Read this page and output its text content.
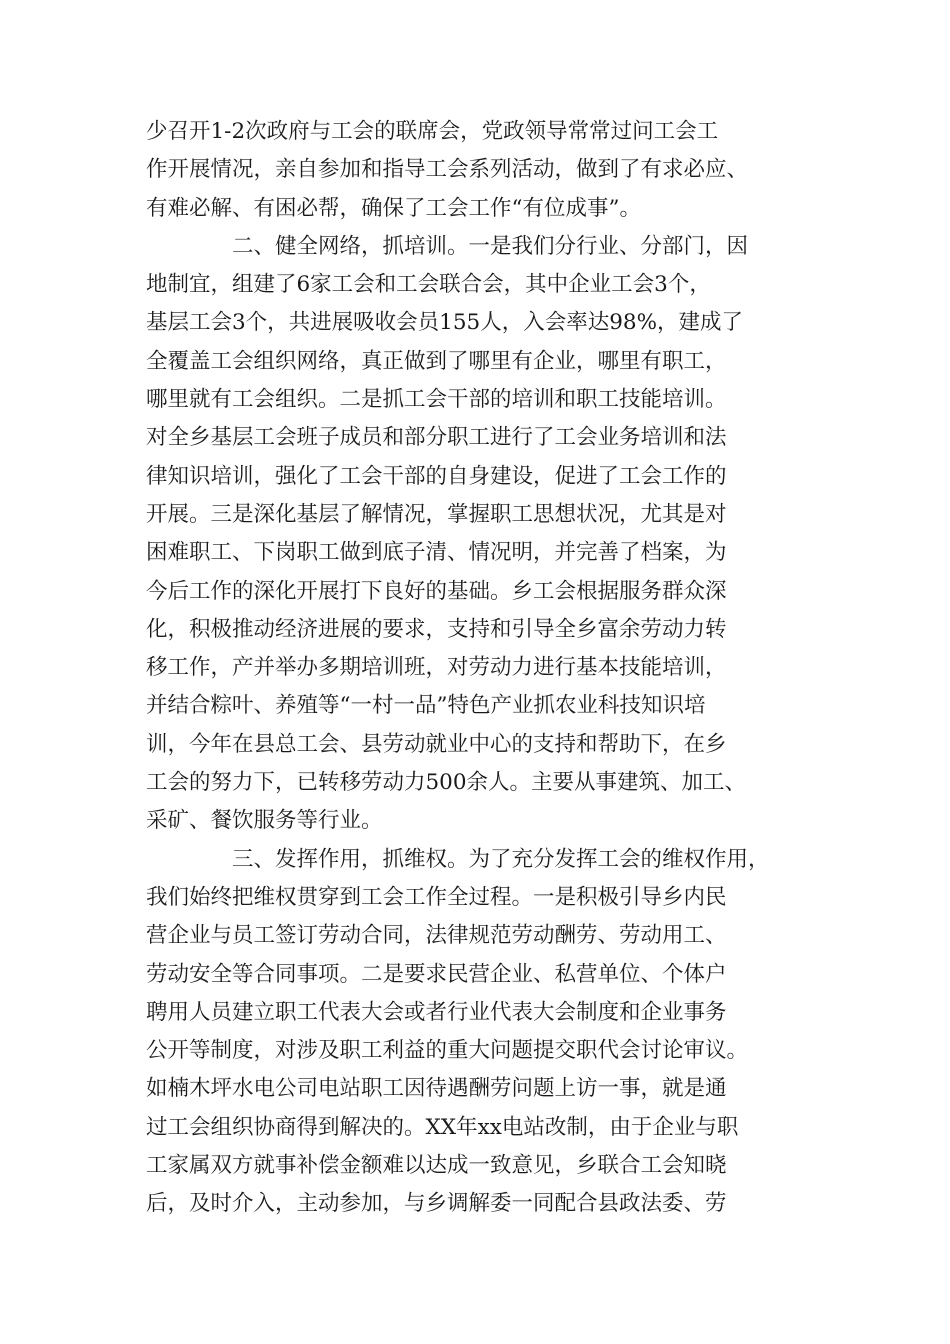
少召开1-2次政府与工会的联席会，党政领导常常过问工会工
作开展情况，亲自参加和指导工会系列活动，做到了有求必应、
有难必解、有困必帮，确保了工会工作“有位成事”。
二、健全网络，抓培训。一是我们分行业、分部门，因
地制宜，组建了6家工会和工会联合会，其中企业工会3个，
基层工会3个，共进展吸收会员155人，入会率达98%，建成了
全覆盖工会组织网络，真正做到了哪里有企业，哪里有职工，
哪里就有工会组织。二是抓工会干部的培训和职工技能培训。
对全乡基层工会班子成员和部分职工进行了工会业务培训和法
律知识培训，强化了工会干部的自身建设，促进了工会工作的
开展。三是深化基层了解情况，掌握职工思想状况，尤其是对
困难职工、下岗职工做到底子清、情况明，并完善了档案，为
今后工作的深化开展打下良好的基础。乡工会根据服务群众深
化，积极推动经济进展的要求，支持和引导全乡富余劳动力转
移工作，产并举办多期培训班，对劳动力进行基本技能培训，
并结合粽叶、养殖等“一村一品”特色产业抓农业科技知识培
训，今年在县总工会、县劳动就业中心的支持和帮助下，在乡
工会的努力下，已转移劳动力500余人。主要从事建筑、加工、
采矿、餐饮服务等行业。
三、发挥作用，抓维权。为了充分发挥工会的维权作用，
我们始终把维权贯穿到工会工作全过程。一是积极引导乡内民
营企业与员工签订劳动合同，法律规范劳动酬劳、劳动用工、
劳动安全等合同事项。二是要求民营企业、私营单位、个体户
聘用人员建立职工代表大会或者行业代表大会制度和企业事务
公开等制度，对涉及职工利益的重大问题提交职代会讨论审议。
如楠木坪水电公司电站职工因待遇酬劳问题上访一事，就是通
过工会组织协商得到解决的。XX年xx电站改制，由于企业与职
工家属双方就事补偿金额难以达成一致意见，乡联合工会知晓
后，及时介入，主动参加，与乡调解委一同配合县政法委、劳
